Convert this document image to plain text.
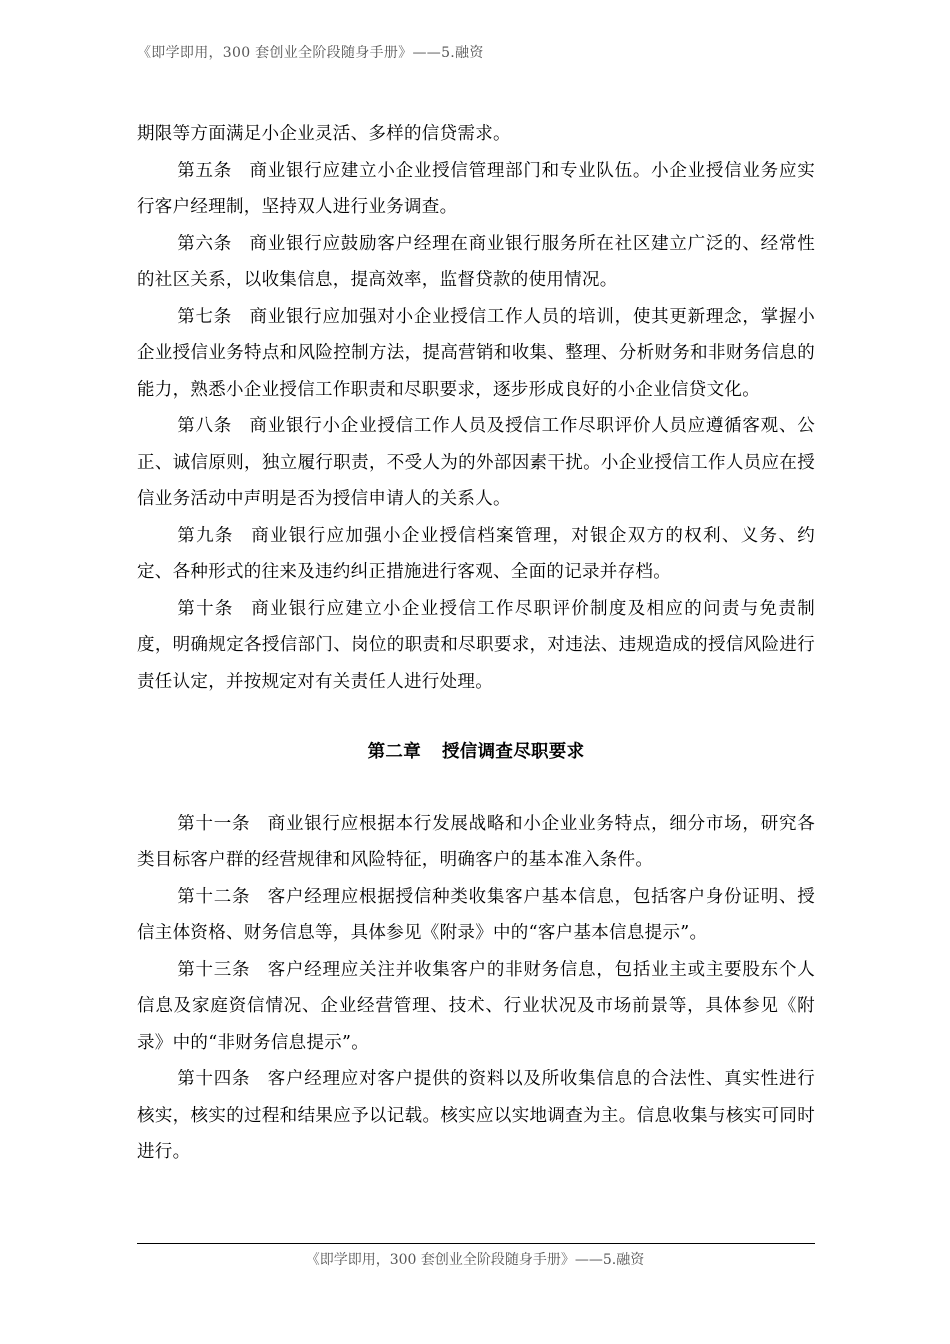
《即学即用，300 套创业全阶段随身手册》——5.融资

期限等方面满足小企业灵活、多样的信贷需求。

第五条 商业银行应建立小企业授信管理部门和专业队伍。小企业授信业务应实行客户经理制，坚持双人进行业务调查。

第六条 商业银行应鼓励客户经理在商业银行服务所在社区建立广泛的、经常性的社区关系，以收集信息，提高效率，监督贷款的使用情况。

第七条 商业银行应加强对小企业授信工作人员的培训，使其更新理念，掌握小企业授信业务特点和风险控制方法，提高营销和收集、整理、分析财务和非财务信息的能力，熟悉小企业授信工作职责和尽职要求，逐步形成良好的小企业信贷文化。

第八条 商业银行小企业授信工作人员及授信工作尽职评价人员应遵循客观、公正、诚信原则，独立履行职责，不受人为的外部因素干扰。小企业授信工作人员应在授信业务活动中声明是否为授信申请人的关系人。

第九条 商业银行应加强小企业授信档案管理，对银企双方的权利、义务、约定、各种形式的往来及违约纠正措施进行客观、全面的记录并存档。

第十条 商业银行应建立小企业授信工作尽职评价制度及相应的问责与免责制度，明确规定各授信部门、岗位的职责和尽职要求，对违法、违规造成的授信风险进行责任认定，并按规定对有关责任人进行处理。

第二章 授信调查尽职要求

第十一条 商业银行应根据本行发展战略和小企业业务特点，细分市场，研究各类目标客户群的经营规律和风险特征，明确客户的基本准入条件。

第十二条 客户经理应根据授信种类收集客户基本信息，包括客户身份证明、授信主体资格、财务信息等，具体参见《附录》中的“客户基本信息提示”。

第十三条 客户经理应关注并收集客户的非财务信息，包括业主或主要股东个人信息及家庭资信情况、企业经营管理、技术、行业状况及市场前景等，具体参见《附录》中的“非财务信息提示”。

第十四条 客户经理应对客户提供的资料以及所收集信息的合法性、真实性进行核实，核实的过程和结果应予以记载。核实应以实地调查为主。信息收集与核实可同时进行。

《即学即用，300 套创业全阶段随身手册》——5.融资
